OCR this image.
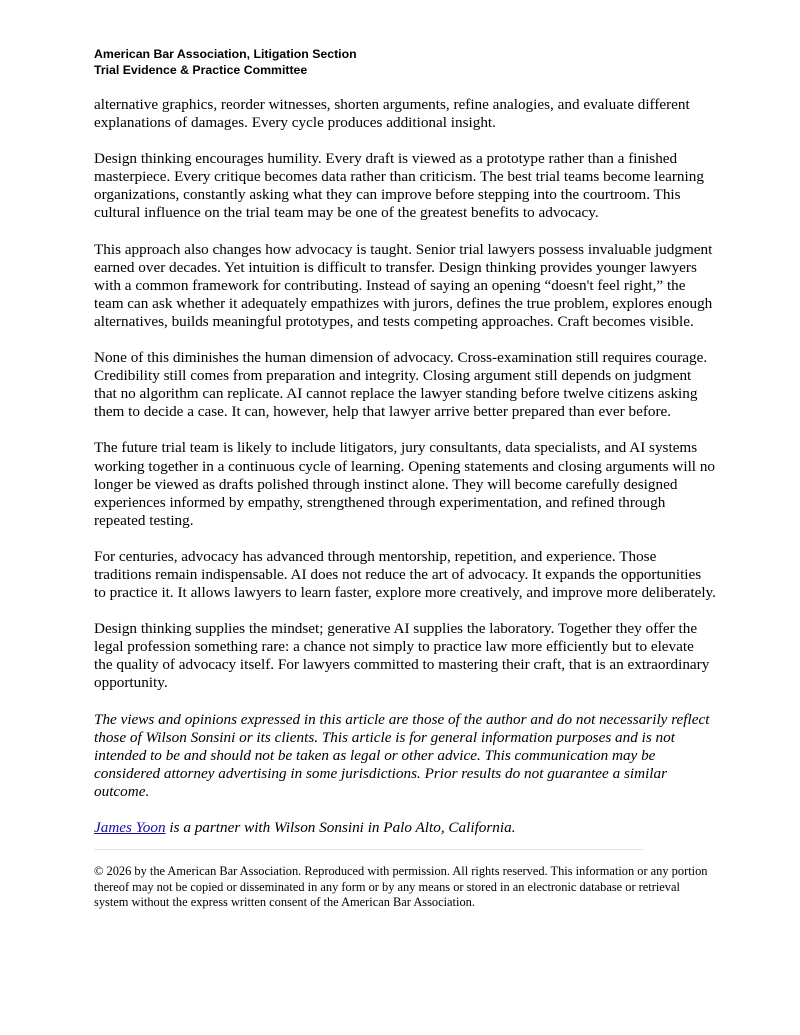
American Bar Association, Litigation Section
Trial Evidence & Practice Committee

alternative graphics, reorder witnesses, shorten arguments, refine analogies, and evaluate different explanations of damages. Every cycle produces additional insight.

Design thinking encourages humility. Every draft is viewed as a prototype rather than a finished masterpiece. Every critique becomes data rather than criticism. The best trial teams become learning organizations, constantly asking what they can improve before stepping into the courtroom. This cultural influence on the trial team may be one of the greatest benefits to advocacy.

This approach also changes how advocacy is taught. Senior trial lawyers possess invaluable judgment earned over decades. Yet intuition is difficult to transfer. Design thinking provides younger lawyers with a common framework for contributing. Instead of saying an opening “doesn't feel right,” the team can ask whether it adequately empathizes with jurors, defines the true problem, explores enough alternatives, builds meaningful prototypes, and tests competing approaches. Craft becomes visible.

None of this diminishes the human dimension of advocacy. Cross-examination still requires courage. Credibility still comes from preparation and integrity. Closing argument still depends on judgment that no algorithm can replicate. AI cannot replace the lawyer standing before twelve citizens asking them to decide a case. It can, however, help that lawyer arrive better prepared than ever before.

The future trial team is likely to include litigators, jury consultants, data specialists, and AI systems working together in a continuous cycle of learning. Opening statements and closing arguments will no longer be viewed as drafts polished through instinct alone. They will become carefully designed experiences informed by empathy, strengthened through experimentation, and refined through repeated testing.

For centuries, advocacy has advanced through mentorship, repetition, and experience. Those traditions remain indispensable. AI does not reduce the art of advocacy. It expands the opportunities to practice it. It allows lawyers to learn faster, explore more creatively, and improve more deliberately.

Design thinking supplies the mindset; generative AI supplies the laboratory. Together they offer the legal profession something rare: a chance not simply to practice law more efficiently but to elevate the quality of advocacy itself. For lawyers committed to mastering their craft, that is an extraordinary opportunity.

The views and opinions expressed in this article are those of the author and do not necessarily reflect those of Wilson Sonsini or its clients. This article is for general information purposes and is not intended to be and should not be taken as legal or other advice. This communication may be considered attorney advertising in some jurisdictions. Prior results do not guarantee a similar outcome.

James Yoon is a partner with Wilson Sonsini in Palo Alto, California.

© 2026 by the American Bar Association. Reproduced with permission. All rights reserved. This information or any portion thereof may not be copied or disseminated in any form or by any means or stored in an electronic database or retrieval system without the express written consent of the American Bar Association.
